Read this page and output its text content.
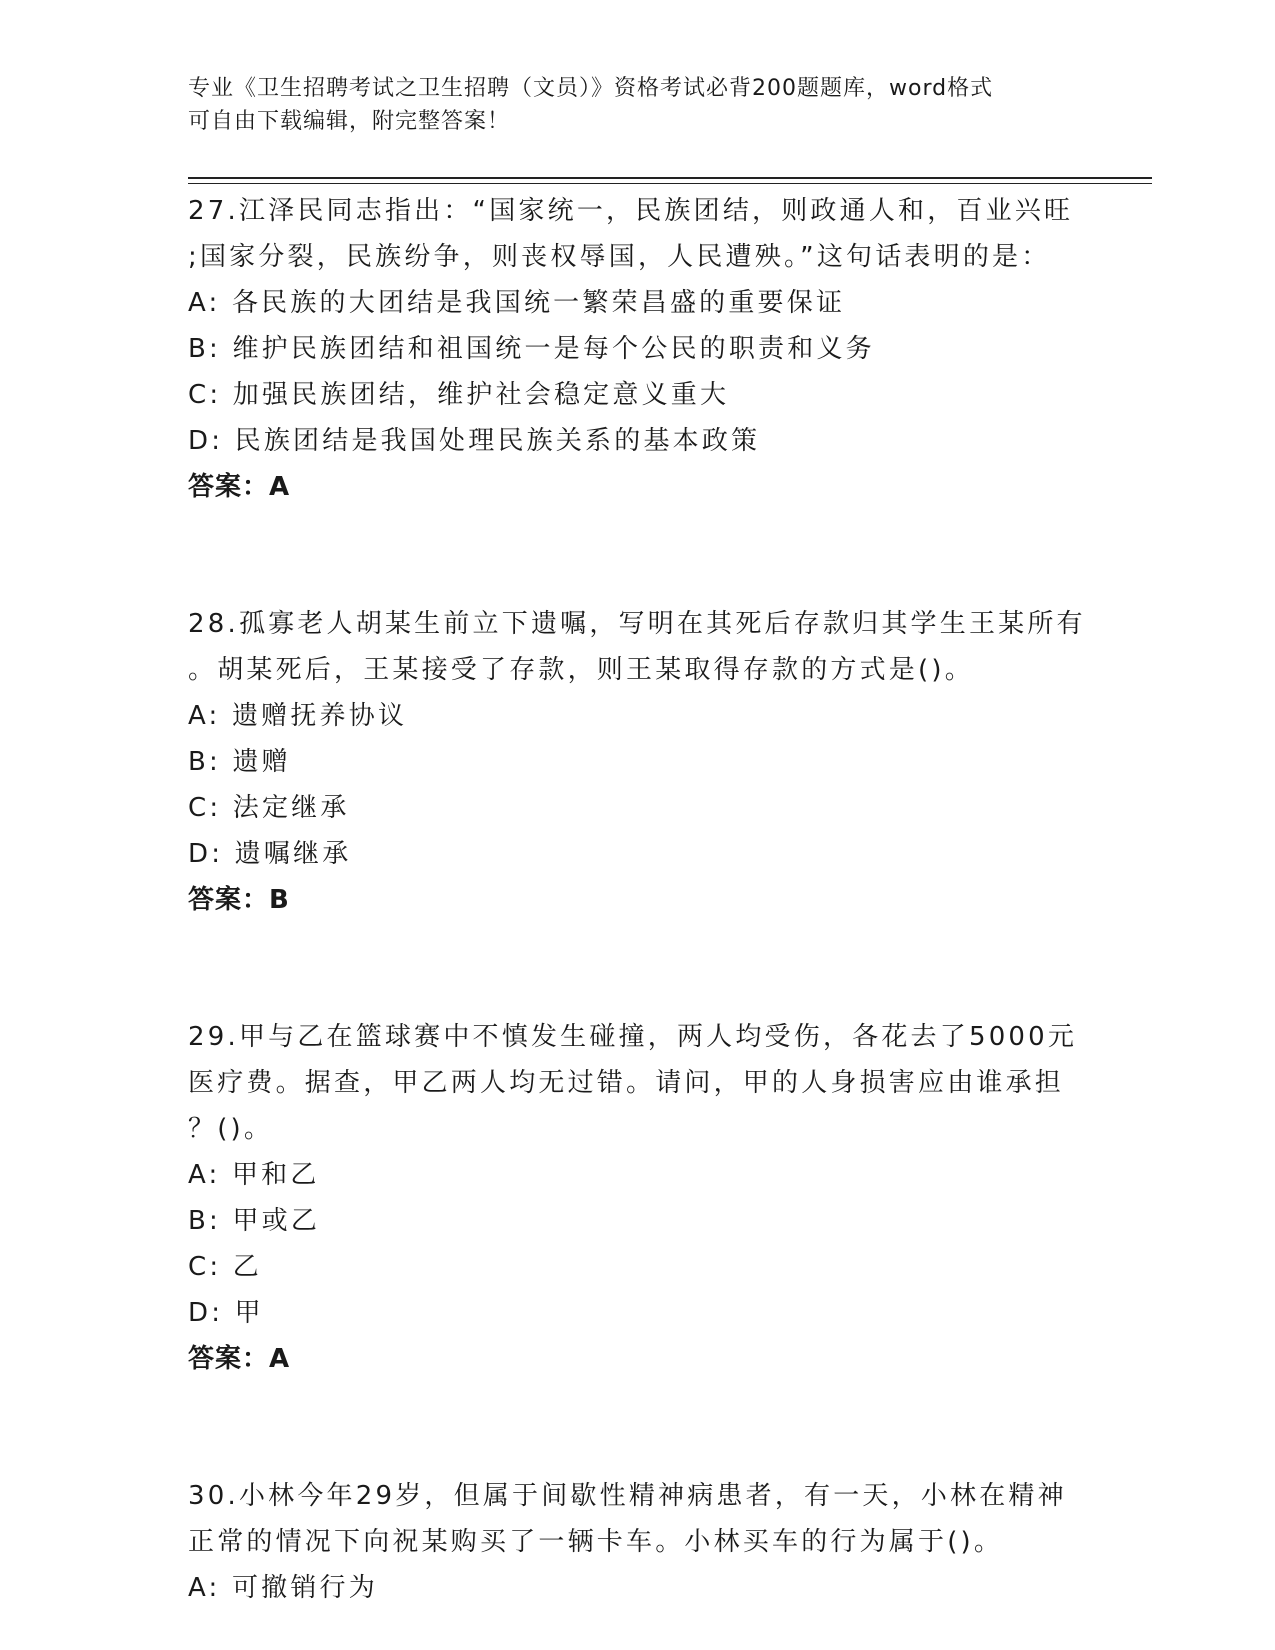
专业《卫生招聘考试之卫生招聘（文员）》资格考试必背200题题库，word格式
可自由下载编辑，附完整答案！
27.江泽民同志指出：“国家统一，民族团结，则政通人和，百业兴旺
;国家分裂，民族纷争，则丧权辱国，人民遭殃。”这句话表明的是：
A: 各民族的大团结是我国统一繁荣昌盛的重要保证
B: 维护民族团结和祖国统一是每个公民的职责和义务
C: 加强民族团结，维护社会稳定意义重大
D: 民族团结是我国处理民族关系的基本政策
答案：A
28.孤寡老人胡某生前立下遗嘱，写明在其死后存款归其学生王某所有
。胡某死后，王某接受了存款，则王某取得存款的方式是()。
A: 遗赠抚养协议
B: 遗赠
C: 法定继承
D: 遗嘱继承
答案：B
29.甲与乙在篮球赛中不慎发生碰撞，两人均受伤，各花去了5000元
医疗费。据查，甲乙两人均无过错。请问，甲的人身损害应由谁承担
？()。
A: 甲和乙
B: 甲或乙
C: 乙
D: 甲
答案：A
30.小林今年29岁，但属于间歇性精神病患者，有一天，小林在精神
正常的情况下向祝某购买了一辆卡车。小林买车的行为属于()。
A: 可撤销行为
